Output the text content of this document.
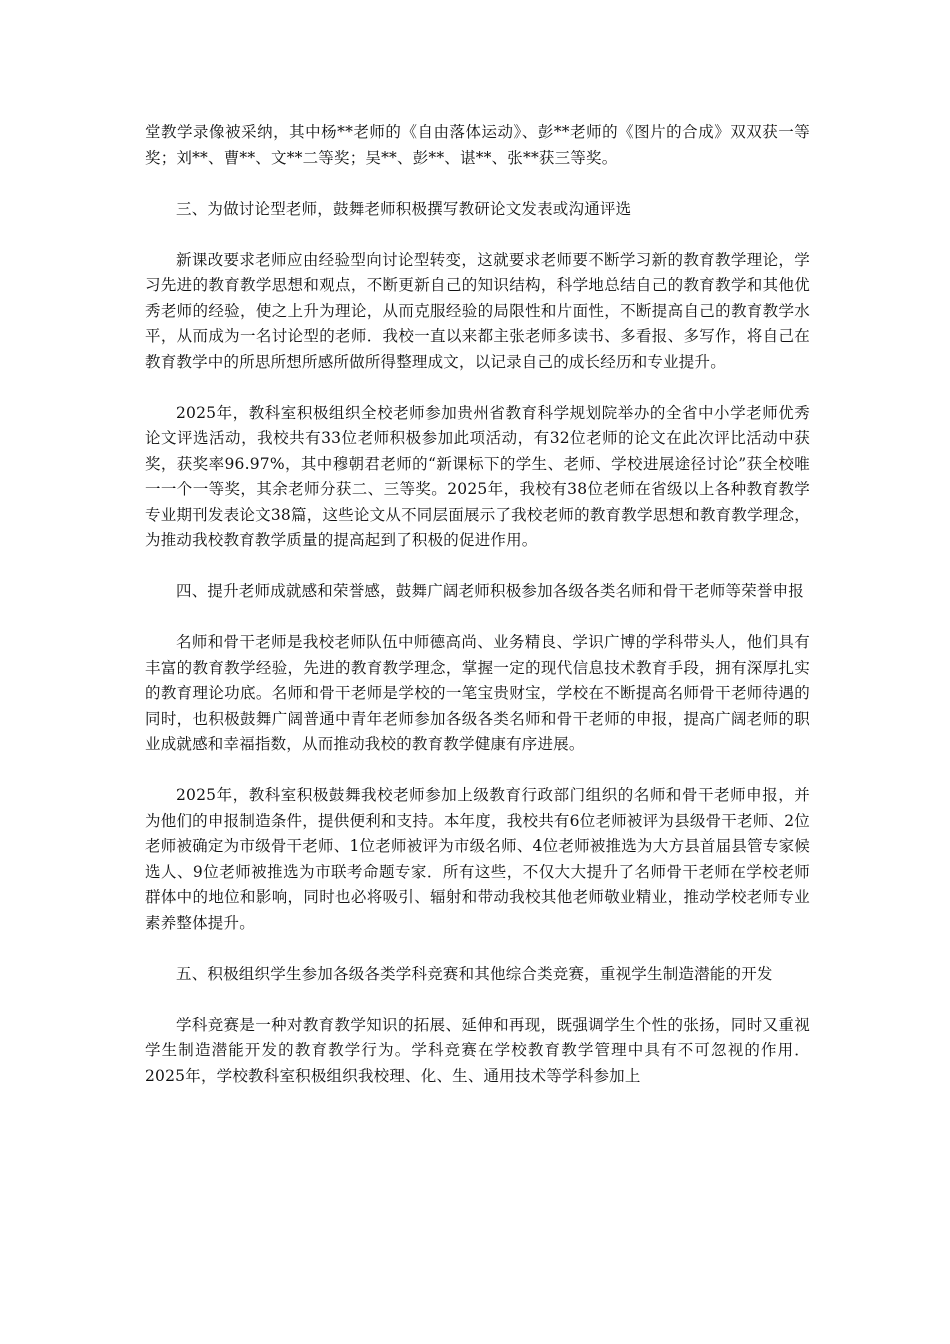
堂教学录像被采纳，其中杨**老师的《自由落体运动》、彭**老师的《图片的合成》双双获一等奖；刘**、曹**、文**二等奖；吴**、彭**、谌**、张**获三等奖。

三、为做讨论型老师，鼓舞老师积极撰写教研论文发表或沟通评选

新课改要求老师应由经验型向讨论型转变，这就要求老师要不断学习新的教育教学理论，学习先进的教育教学思想和观点，不断更新自己的知识结构，科学地总结自己的教育教学和其他优秀老师的经验，使之上升为理论，从而克服经验的局限性和片面性，不断提高自己的教育教学水平，从而成为一名讨论型的老师．我校一直以来都主张老师多读书、多看报、多写作，将自己在教育教学中的所思所想所感所做所得整理成文，以记录自己的成长经历和专业提升。

2025年，教科室积极组织全校老师参加贵州省教育科学规划院举办的全省中小学老师优秀论文评选活动，我校共有33位老师积极参加此项活动，有32位老师的论文在此次评比活动中获奖，获奖率96.97%，其中穆朝君老师的“新课标下的学生、老师、学校进展途径讨论”获全校唯一一个一等奖，其余老师分获二、三等奖。2025年，我校有38位老师在省级以上各种教育教学专业期刊发表论文38篇，这些论文从不同层面展示了我校老师的教育教学思想和教育教学理念，为推动我校教育教学质量的提高起到了积极的促进作用。

四、提升老师成就感和荣誉感，鼓舞广阔老师积极参加各级各类名师和骨干老师等荣誉申报

名师和骨干老师是我校老师队伍中师德高尚、业务精良、学识广博的学科带头人，他们具有丰富的教育教学经验，先进的教育教学理念，掌握一定的现代信息技术教育手段，拥有深厚扎实的教育理论功底。名师和骨干老师是学校的一笔宝贵财宝，学校在不断提高名师骨干老师待遇的同时，也积极鼓舞广阔普通中青年老师参加各级各类名师和骨干老师的申报，提高广阔老师的职业成就感和幸福指数，从而推动我校的教育教学健康有序进展。

2025年，教科室积极鼓舞我校老师参加上级教育行政部门组织的名师和骨干老师申报，并为他们的申报制造条件，提供便利和支持。本年度，我校共有6位老师被评为县级骨干老师、2位老师被确定为市级骨干老师、1位老师被评为市级名师、4位老师被推选为大方县首届县管专家候选人、9位老师被推选为市联考命题专家．所有这些，不仅大大提升了名师骨干老师在学校老师群体中的地位和影响，同时也必将吸引、辐射和带动我校其他老师敬业精业，推动学校老师专业素养整体提升。

五、积极组织学生参加各级各类学科竞赛和其他综合类竞赛，重视学生制造潜能的开发

学科竞赛是一种对教育教学知识的拓展、延伸和再现，既强调学生个性的张扬，同时又重视学生制造潜能开发的教育教学行为。学科竞赛在学校教育教学管理中具有不可忽视的作用．2025年，学校教科室积极组织我校理、化、生、通用技术等学科参加上
